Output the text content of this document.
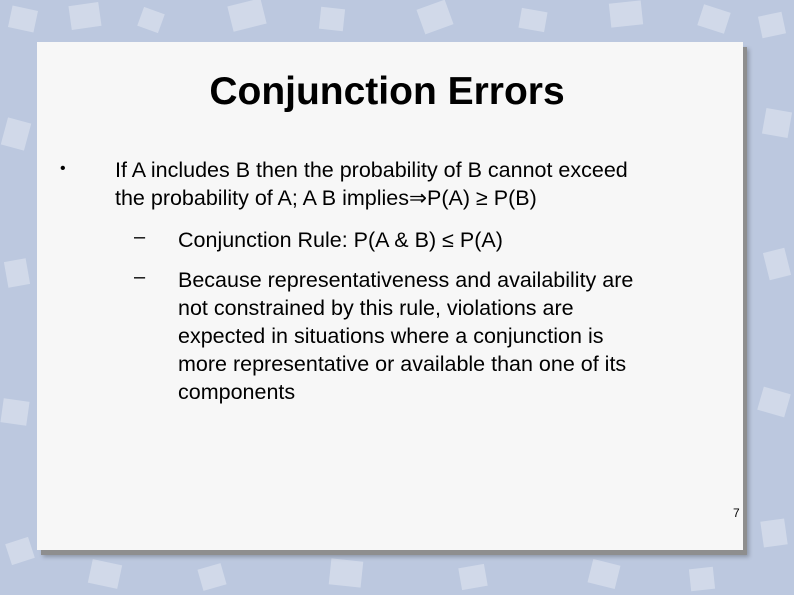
Conjunction Errors
• If A includes B then the probability of B cannot exceed
the probability of A; A B implies⇒P(A) ≥ P(B)
– Conjunction Rule: P(A & B) ≤ P(A)
– Because representativeness and availability are
not constrained by this rule, violations are
expected in situations where a conjunction is
more representative or available than one of its
components
7
